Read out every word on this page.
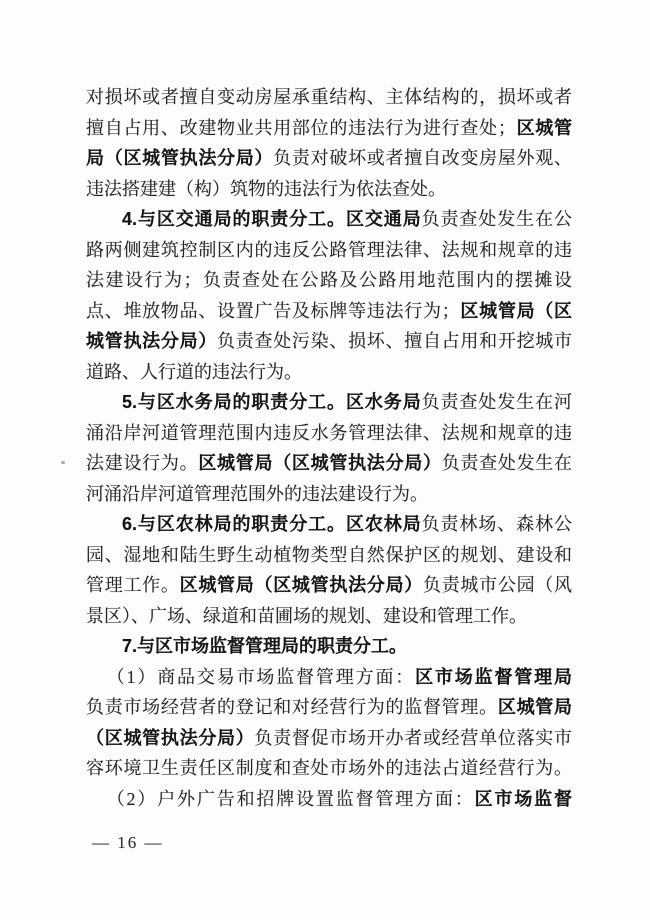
对损坏或者擅自变动房屋承重结构、主体结构的，损坏或者
擅自占用、改建物业共用部位的违法行为进行查处；区城管
局（区城管执法分局）负责对破坏或者擅自改变房屋外观、
违法搭建建（构）筑物的违法行为依法查处。
4.与区交通局的职责分工。区交通局负责查处发生在公
路两侧建筑控制区内的违反公路管理法律、法规和规章的违
法建设行为；负责查处在公路及公路用地范围内的摆摊设
点、堆放物品、设置广告及标牌等违法行为；区城管局（区
城管执法分局）负责查处污染、损坏、擅自占用和开挖城市
道路、人行道的违法行为。
5.与区水务局的职责分工。区水务局负责查处发生在河
涌沿岸河道管理范围内违反水务管理法律、法规和规章的违
法建设行为。区城管局（区城管执法分局）负责查处发生在
河涌沿岸河道管理范围外的违法建设行为。
6.与区农林局的职责分工。区农林局负责林场、森林公
园、湿地和陆生野生动植物类型自然保护区的规划、建设和
管理工作。区城管局（区城管执法分局）负责城市公园（风
景区）、广场、绿道和苗圃场的规划、建设和管理工作。
7.与区市场监督管理局的职责分工。
（1）商品交易市场监督管理方面：区市场监督管理局
负责市场经营者的登记和对经营行为的监督管理。区城管局
（区城管执法分局）负责督促市场开办者或经营单位落实市
容环境卫生责任区制度和查处市场外的违法占道经营行为。
（2）户外广告和招牌设置监督管理方面：区市场监督
— 16 —
